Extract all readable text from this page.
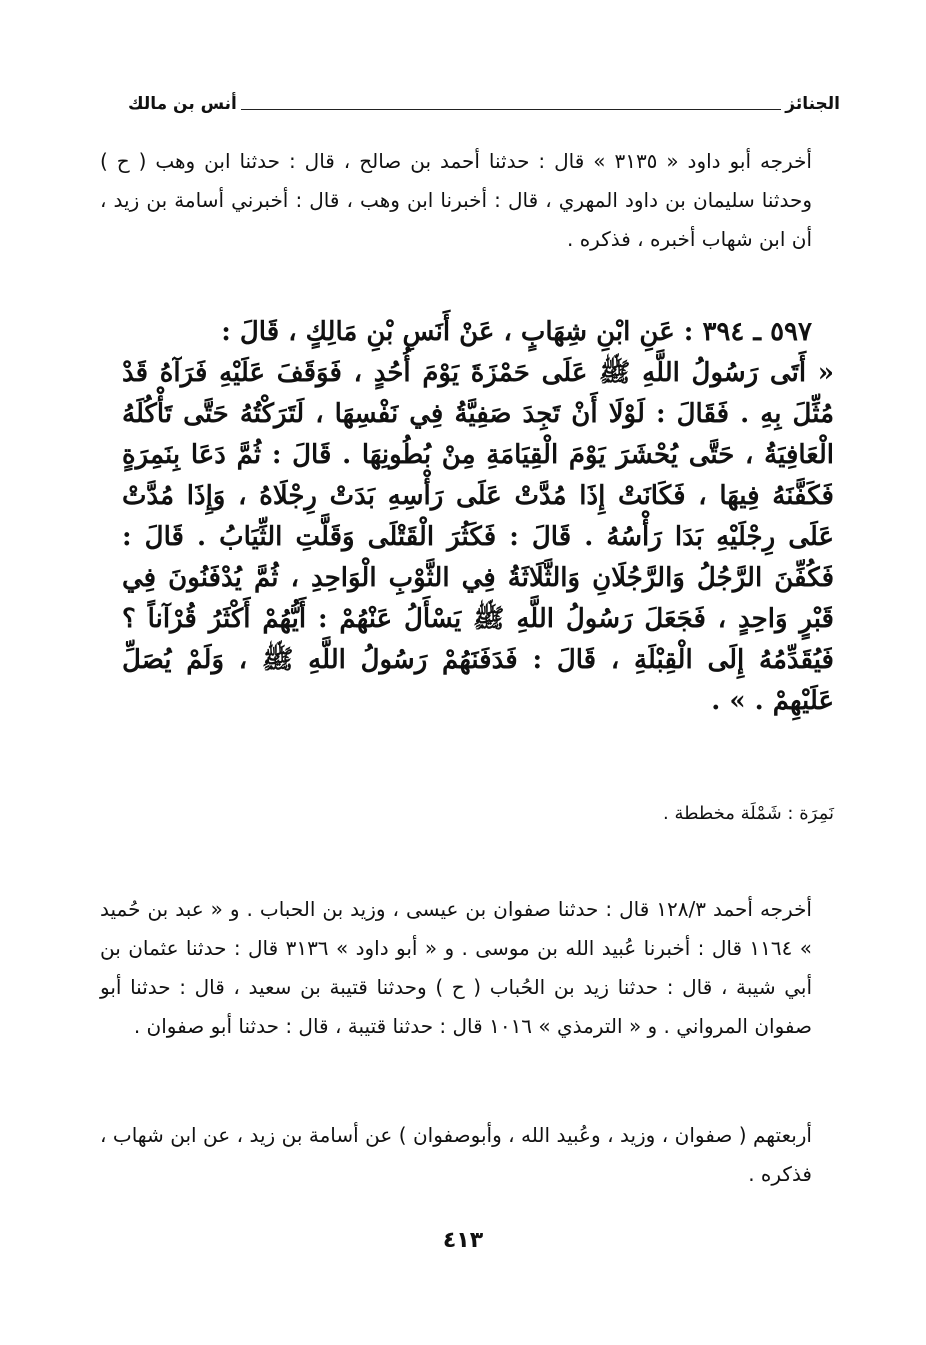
الجنائز
أنس بن مالك
أخرجه أبو داود « ٣١٣٥ » قال : حدثنا أحمد بن صالح ، قال : حدثنا ابن وهب ( ح ) وحدثنا سليمان بن داود المهري ، قال : أخبرنا ابن وهب ، قال : أخبرني أسامة بن زيد ، أن ابن شهاب أخبره ، فذكره .
٥٩٧ ـ ٣٩٤ : عَنِ ابْنِ شِهَابٍ ، عَنْ أَنَسِ بْنِ مَالِكٍ ، قَالَ :
« أَتَى رَسُولُ اللَّهِ ﷺ عَلَى حَمْزَةَ يَوْمَ أُحُدٍ ، فَوَقَفَ عَلَيْهِ فَرَآهُ قَدْ مُثِّلَ بِهِ . فَقَالَ : لَوْلَا أَنْ تَجِدَ صَفِيَّةُ فِي نَفْسِهَا ، لَتَرَكْتُهُ حَتَّى تَأْكُلَهُ الْعَافِيَةُ ، حَتَّى يُحْشَرَ يَوْمَ الْقِيَامَةِ مِنْ بُطُونِهَا . قَالَ : ثُمَّ دَعَا بِنَمِرَةٍ فَكَفَّنَهُ فِيهَا ، فَكَانَتْ إِذَا مُدَّتْ عَلَى رَأْسِهِ بَدَتْ رِجْلَاهُ ، وَإِذَا مُدَّتْ عَلَى رِجْلَيْهِ بَدَا رَأْسُهُ . قَالَ : فَكَثُرَ الْقَتْلَى وَقَلَّتِ الثِّيَابُ . قَالَ : فَكُفِّنَ الرَّجُلُ وَالرَّجُلَانِ وَالثَّلَاثَةُ فِي الثَّوْبِ الْوَاحِدِ ، ثُمَّ يُدْفَنُونَ فِي قَبْرٍ وَاحِدٍ ، فَجَعَلَ رَسُولُ اللَّهِ ﷺ يَسْأَلُ عَنْهُمْ : أَيُّهُمْ أَكْثَرُ قُرْآناً ؟ فَيُقَدِّمُهُ إِلَى الْقِبْلَةِ ، قَالَ : فَدَفَنَهُمْ رَسُولُ اللَّهِ ﷺ ، وَلَمْ يُصَلِّ عَلَيْهِمْ . » .
نَمِرَة : شَمْلَة مخططة .
أخرجه أحمد ١٢٨/٣ قال : حدثنا صفوان بن عيسى ، وزيد بن الحباب . و « عبد بن حُميد » ١١٦٤ قال : أخبرنا عُبيد الله بن موسى . و « أبو داود » ٣١٣٦ قال : حدثنا عثمان بن أبي شيبة ، قال : حدثنا زيد بن الحُباب ( ح ) وحدثنا قتيبة بن سعيد ، قال : حدثنا أبو صفوان المرواني . و « الترمذي » ١٠١٦ قال : حدثنا قتيبة ، قال : حدثنا أبو صفوان .
أربعتهم ( صفوان ، وزيد ، وعُبيد الله ، وأبوصفوان ) عن أسامة بن زيد ، عن ابن شهاب ، فذكره .
٤١٣
